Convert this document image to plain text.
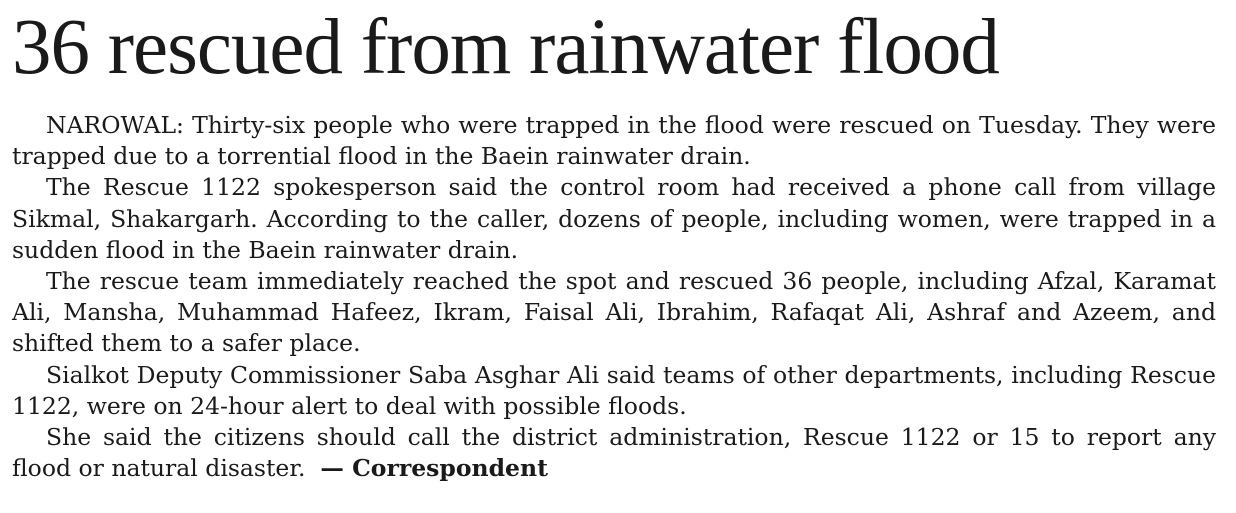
36 rescued from rainwater flood

NAROWAL: Thirty-six people who were trapped in the flood were rescued on Tuesday. They were trapped due to a torrential flood in the Baein rainwater drain.

The Rescue 1122 spokesperson said the control room had received a phone call from village Sikmal, Shakargarh. According to the caller, dozens of people, including women, were trapped in a sudden flood in the Baein rainwater drain.

The rescue team immediately reached the spot and rescued 36 people, including Afzal, Karamat Ali, Mansha, Muhammad Hafeez, Ikram, Faisal Ali, Ibrahim, Rafaqat Ali, Ashraf and Azeem, and shifted them to a safer place.

Sialkot Deputy Commissioner Saba Asghar Ali said teams of other departments, including Rescue 1122, were on 24-hour alert to deal with possible floods.

She said the citizens should call the district administration, Rescue 1122 or 15 to report any flood or natural disaster. — Correspondent
